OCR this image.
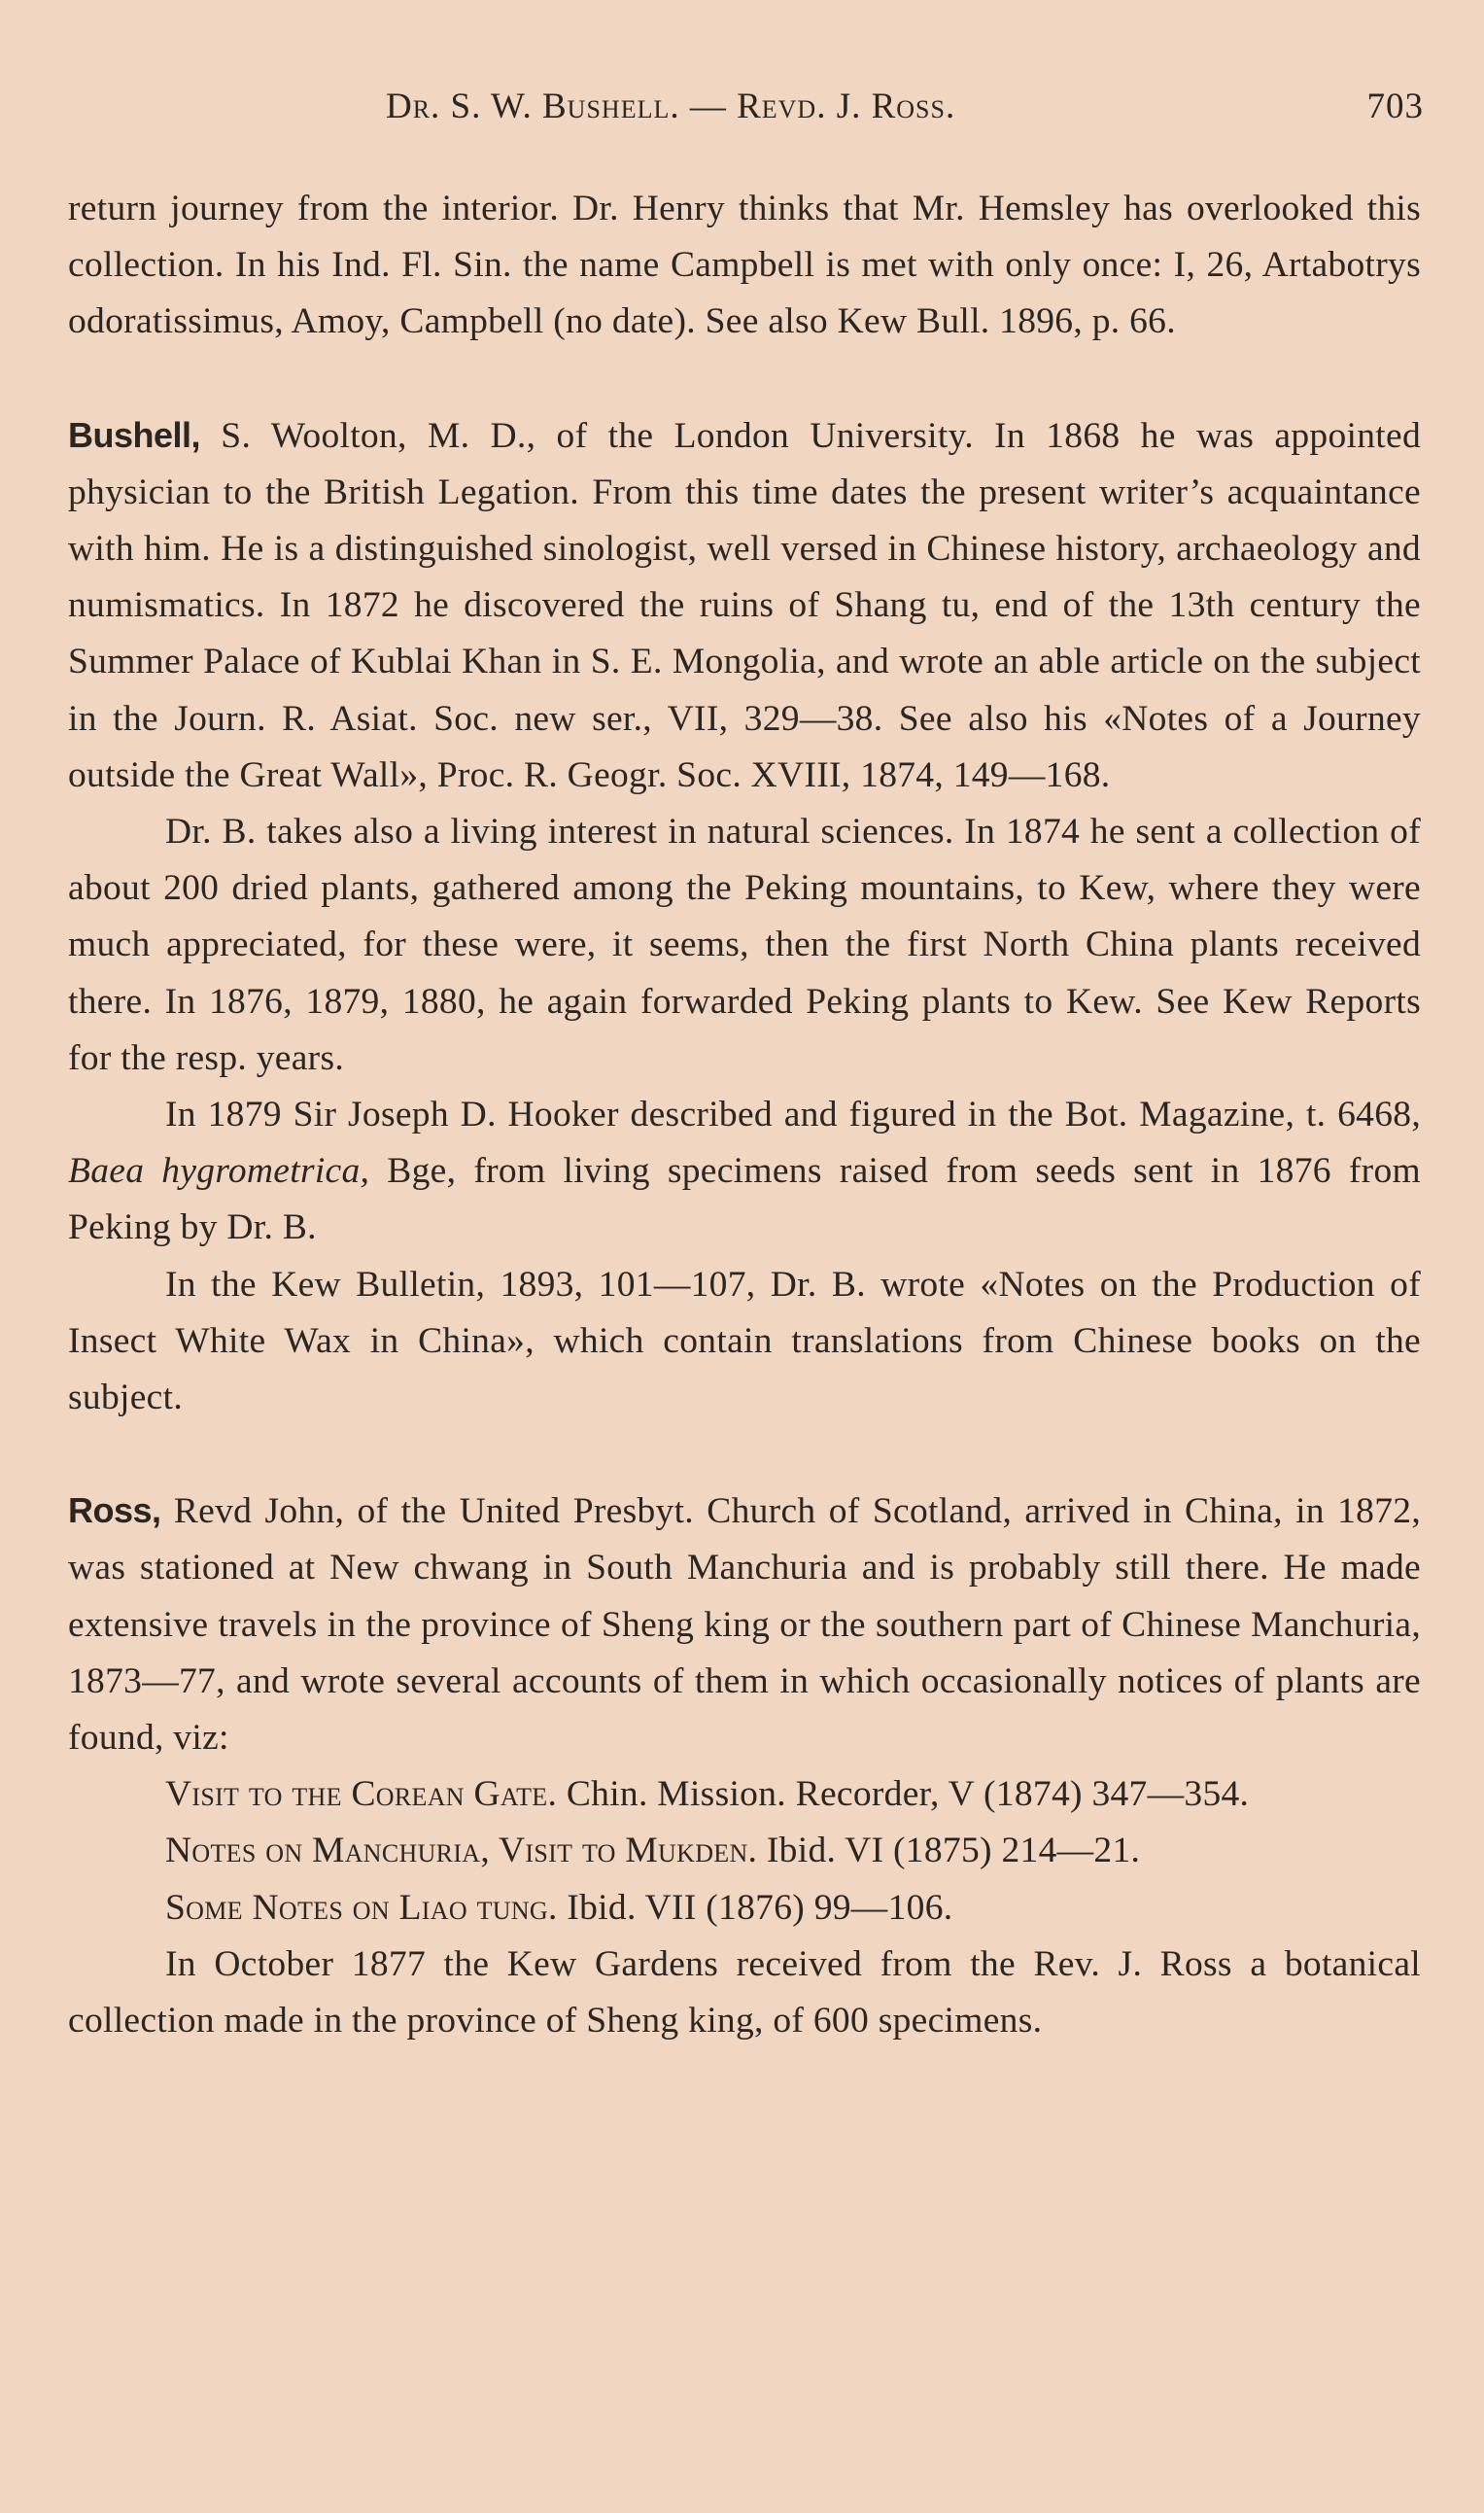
Dr. S. W. Bushell. — Revd. J. Ross.	703

return journey from the interior. Dr. Henry thinks that Mr. Hemsley has overlooked this collection. In his Ind. Fl. Sin. the name Campbell is met with only once: I, 26, Artabotrys odoratissimus, Amoy, Campbell (no date). See also Kew Bull. 1896, p. 66.

Bushell, S. Woolton, M. D., of the London University. In 1868 he was appointed physician to the British Legation. From this time dates the present writer’s acquaintance with him. He is a distinguished sinologist, well versed in Chinese history, archaeology and numismatics. In 1872 he discovered the ruins of Shang tu, end of the 13th century the Summer Palace of Kublai Khan in S. E. Mongolia, and wrote an able article on the subject in the Journ. R. Asiat. Soc. new ser., VII, 329—38. See also his «Notes of a Journey outside the Great Wall», Proc. R. Geogr. Soc. XVIII, 1874, 149—168.

Dr. B. takes also a living interest in natural sciences. In 1874 he sent a collection of about 200 dried plants, gathered among the Peking mountains, to Kew, where they were much appreciated, for these were, it seems, then the first North China plants received there. In 1876, 1879, 1880, he again forwarded Peking plants to Kew. See Kew Reports for the resp. years.

In 1879 Sir Joseph D. Hooker described and figured in the Bot. Magazine, t. 6468, Baea hygrometrica, Bge, from living specimens raised from seeds sent in 1876 from Peking by Dr. B.

In the Kew Bulletin, 1893, 101—107, Dr. B. wrote «Notes on the Production of Insect White Wax in China», which contain translations from Chinese books on the subject.

Ross, Revd John, of the United Presbyt. Church of Scotland, arrived in China, in 1872, was stationed at New chwang in South Manchuria and is probably still there. He made extensive travels in the province of Sheng king or the southern part of Chinese Manchuria, 1873—77, and wrote several accounts of them in which occasionally notices of plants are found, viz:

Visit to the Corean Gate. Chin. Mission. Recorder, V (1874) 347—354.

Notes on Manchuria, Visit to Mukden. Ibid. VI (1875) 214—21.

Some Notes on Liao tung. Ibid. VII (1876) 99—106.

In October 1877 the Kew Gardens received from the Rev. J. Ross a botanical collection made in the province of Sheng king, of 600 specimens.
